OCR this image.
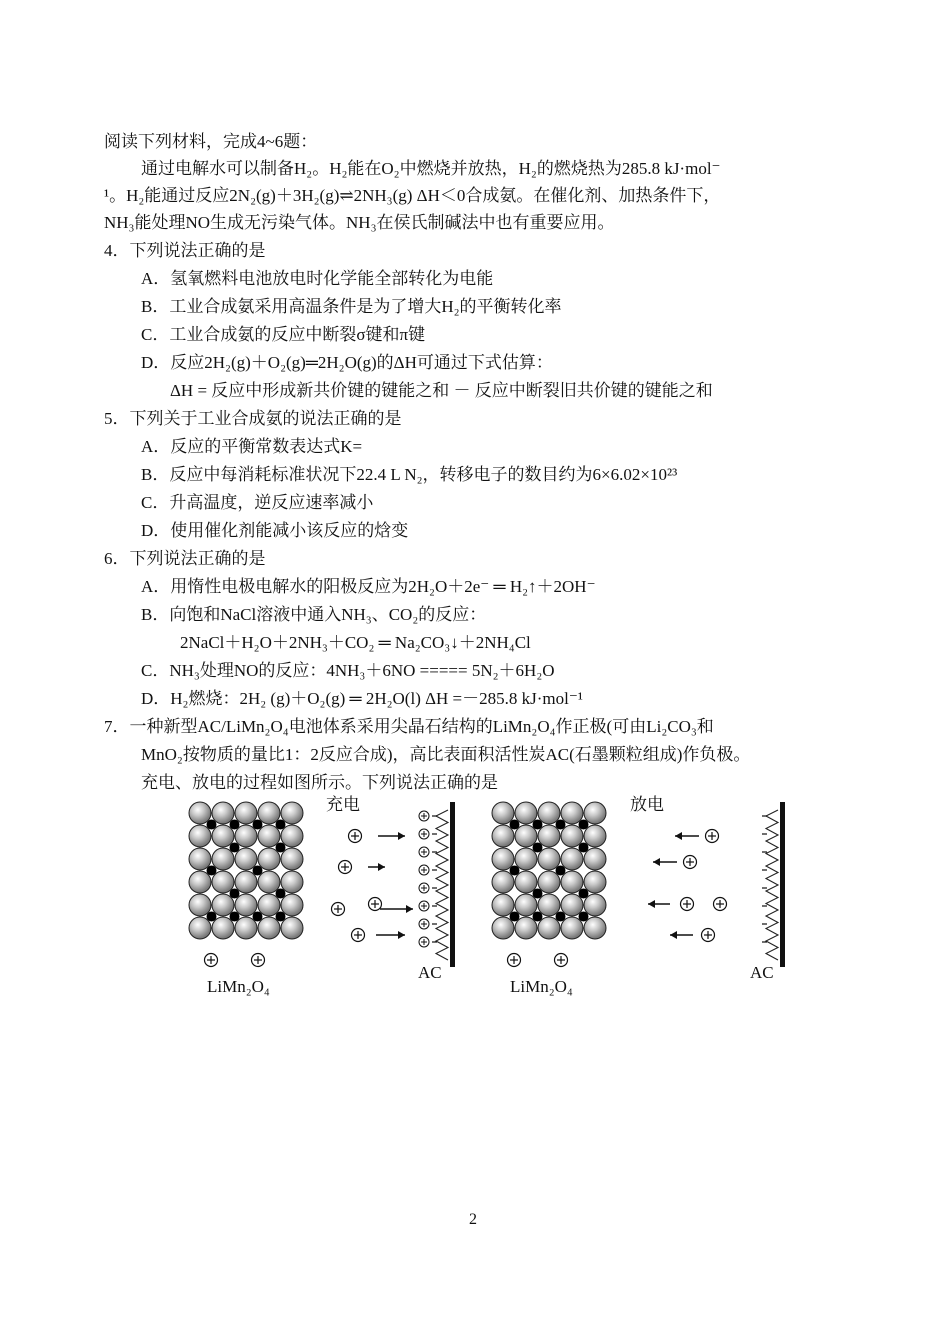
阅读下列材料，完成4~6题：
通过电解水可以制备H₂。H₂能在O₂中燃烧并放热，H₂的燃烧热为285.8 kJ·mol⁻
¹。H₂能通过反应2N₂(g)＋3H₂(g)⇌2NH₃(g) ΔH＜0合成氨。在催化剂、加热条件下，
NH₃能处理NO生成无污染气体。NH₃在侯氏制碱法中也有重要应用。
4．下列说法正确的是
A．氢氧燃料电池放电时化学能全部转化为电能
B．工业合成氨采用高温条件是为了增大H₂的平衡转化率
C．工业合成氨的反应中断裂σ键和π键
D．反应2H₂(g)＋O₂(g)═2H₂O(g)的ΔH可通过下式估算：
ΔH = 反应中形成新共价键的键能之和 － 反应中断裂旧共价键的键能之和
5．下列关于工业合成氨的说法正确的是
A．反应的平衡常数表达式K=
B．反应中每消耗标准状况下22.4 L N₂，转移电子的数目约为6×6.02×10²³
C．升高温度，逆反应速率减小
D．使用催化剂能减小该反应的焓变
6．下列说法正确的是
A．用惰性电极电解水的阳极反应为2H₂O＋2e⁻ ═ H₂↑＋2OH⁻
B．向饱和NaCl溶液中通入NH₃、CO₂的反应：
2NaCl＋H₂O＋2NH₃＋CO₂ ═ Na₂CO₃↓＋2NH₄Cl
C．NH₃处理NO的反应：4NH₃＋6NO ===== 5N₂＋6H₂O
D．H₂燃烧：2H₂ (g)＋O₂(g) ═ 2H₂O(l) ΔH =－285.8 kJ·mol⁻¹
7．一种新型AC/LiMn₂O₄电池体系采用尖晶石结构的LiMn₂O₄作正极(可由Li₂CO₃和
MnO₂按物质的量比1：2反应合成)，高比表面积活性炭AC(石墨颗粒组成)作负极。
充电、放电的过程如图所示。下列说法正确的是
充电	放电
LiMn₂O₄	LiMn₂O₄
AC	AC
2
